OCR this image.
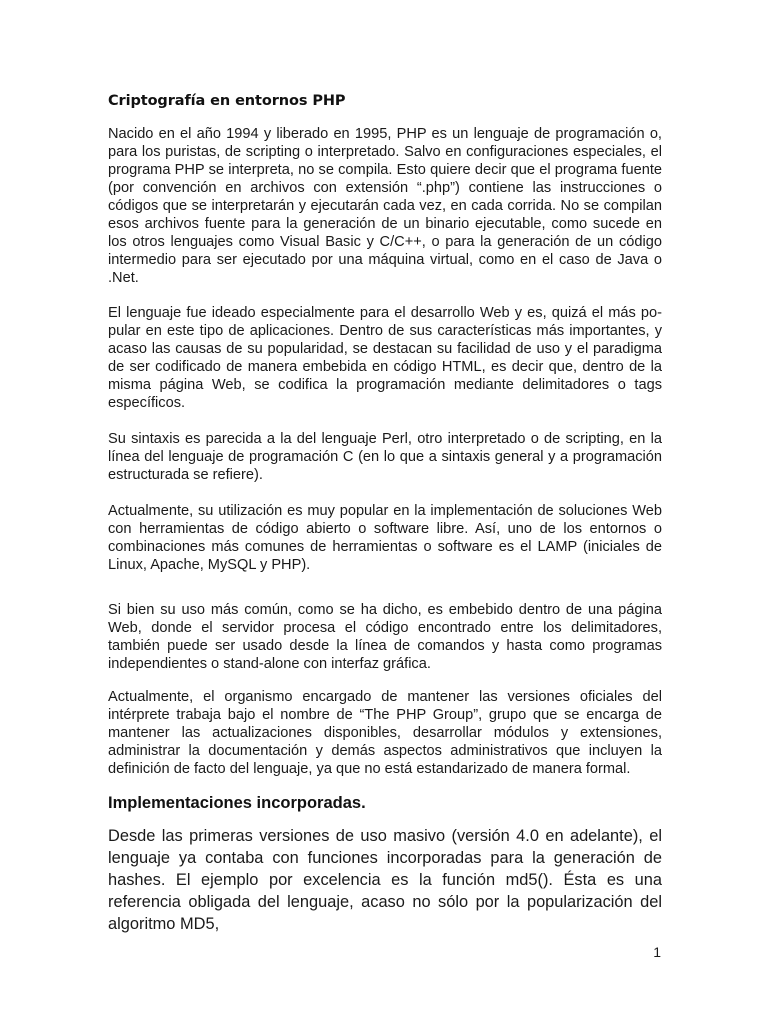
Criptografía en entornos PHP

Nacido en el año 1994 y liberado en 1995, PHP es un lenguaje de programación o, para los puristas, de scripting o interpretado. Salvo en configuraciones especiales, el programa PHP se interpreta, no se compila. Esto quiere decir que el programa fuente (por convención en archivos con extensión “.php”) contiene las instrucciones o códigos que se interpretarán y ejecutarán cada vez, en cada corrida. No se compilan esos archivos fuente para la generación de un binario ejecutable, como sucede en los otros lenguajes como Visual Basic y C/C++, o para la generación de un código intermedio para ser ejecutado por una máquina virtual, como en el caso de Java o .Net.

El lenguaje fue ideado especialmente para el desarrollo Web y es, quizá el más po-pular en este tipo de aplicaciones. Dentro de sus características más importantes, y acaso las causas de su popularidad, se destacan su facilidad de uso y el paradigma de ser codificado de manera embebida en código HTML, es decir que, dentro de la misma página Web, se codifica la programación mediante delimitadores o tags específicos.

Su sintaxis es parecida a la del lenguaje Perl, otro interpretado o de scripting, en la línea del lenguaje de programación C (en lo que a sintaxis general y a programación estructurada se refiere).

Actualmente, su utilización es muy popular en la implementación de soluciones Web con herramientas de código abierto o software libre. Así, uno de los entornos o combinaciones más comunes de herramientas o software es el LAMP (iniciales de Linux, Apache, MySQL y PHP).

Si bien su uso más común, como se ha dicho, es embebido dentro de una página Web, donde el servidor procesa el código encontrado entre los delimitadores, también puede ser usado desde la línea de comandos y hasta como programas independientes o stand-alone con interfaz gráfica.

Actualmente, el organismo encargado de mantener las versiones oficiales del intérprete trabaja bajo el nombre de “The PHP Group”, grupo que se encarga de mantener las actualizaciones disponibles, desarrollar módulos y extensiones, administrar la documentación y demás aspectos administrativos que incluyen la definición de facto del lenguaje, ya que no está estandarizado de manera formal.

Implementaciones incorporadas.

Desde las primeras versiones de uso masivo (versión 4.0 en adelante), el lenguaje ya contaba con funciones incorporadas para la generación de hashes. El ejemplo por excelencia es la función md5(). Ésta es una referencia obligada del lenguaje, acaso no sólo por la popularización del algoritmo MD5,

1
